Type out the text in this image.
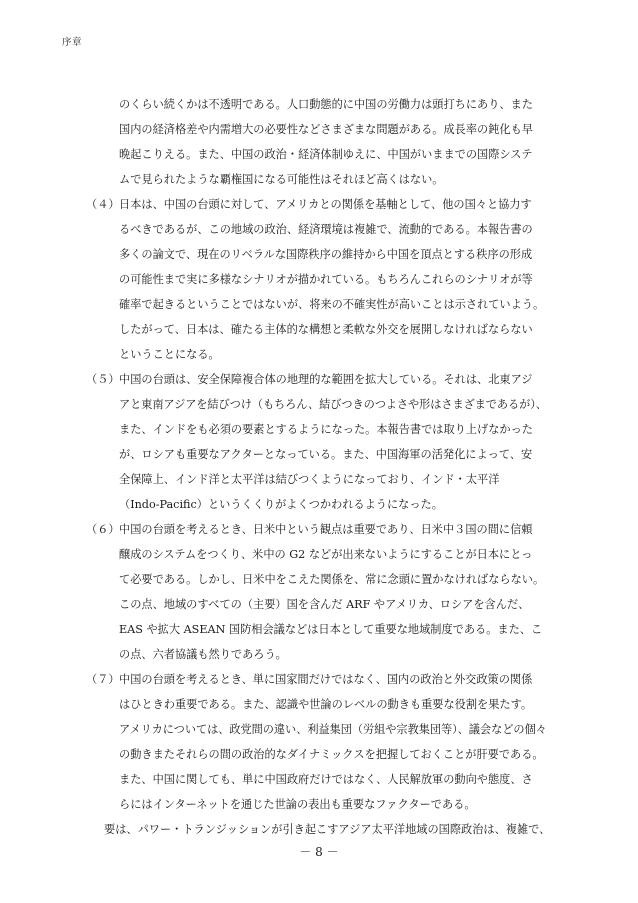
序章
のくらい続くかは不透明である。人口動態的に中国の労働力は頭打ちにあり、また
国内の経済格差や内需増大の必要性などさまざまな問題がある。成長率の鈍化も早
晩起こりえる。また、中国の政治・経済体制ゆえに、中国がいままでの国際システ
ムで見られたような覇権国になる可能性はそれほど高くはない。
（４） 日本は、中国の台頭に対して、アメリカとの関係を基軸として、他の国々と協力す
るべきであるが、この地域の政治、経済環境は複雑で、流動的である。本報告書の
多くの論文で、現在のリベラルな国際秩序の維持から中国を頂点とする秩序の形成
の可能性まで実に多様なシナリオが描かれている。もちろんこれらのシナリオが等
確率で起きるということではないが、将来の不確実性が高いことは示されていよう。
したがって、日本は、確たる主体的な構想と柔軟な外交を展開しなければならない
ということになる。
（５） 中国の台頭は、安全保障複合体の地理的な範囲を拡大している。それは、北東アジ
アと東南アジアを結びつけ（もちろん、結びつきのつよさや形はさまざまであるが）、
また、インドをも必須の要素とするようになった。本報告書では取り上げなかった
が、ロシアも重要なアクターとなっている。また、中国海軍の活発化によって、安
全保障上、インド洋と太平洋は結びつくようになっており、インド・太平洋
（Indo-Pacific）というくくりがよくつかわれるようになった。
（６） 中国の台頭を考えるとき、日米中という観点は重要であり、日米中３国の間に信頼
醸成のシステムをつくり、米中の G2 などが出来ないようにすることが日本にとっ
て必要である。しかし、日米中をこえた関係を、常に念頭に置かなければならない。
この点、地域のすべての（主要）国を含んだ ARF やアメリカ、ロシアを含んだ、
EAS や拡大 ASEAN 国防相会議などは日本として重要な地域制度である。また、こ
の点、六者協議も然りであろう。
（７） 中国の台頭を考えるとき、単に国家間だけではなく、国内の政治と外交政策の関係
はひときわ重要である。また、認識や世論のレベルの動きも重要な役割を果たす。
アメリカについては、政党間の違い、利益集団（労組や宗教集団等）、議会などの個々
の動きまたそれらの間の政治的なダイナミックスを把握しておくことが肝要である。
また、中国に関しても、単に中国政府だけではなく、人民解放軍の動向や態度、さ
らにはインターネットを通じた世論の表出も重要なファクターである。
要は、パワー・トランジッションが引き起こすアジア太平洋地域の国際政治は、複雑で、
－ 8 －
